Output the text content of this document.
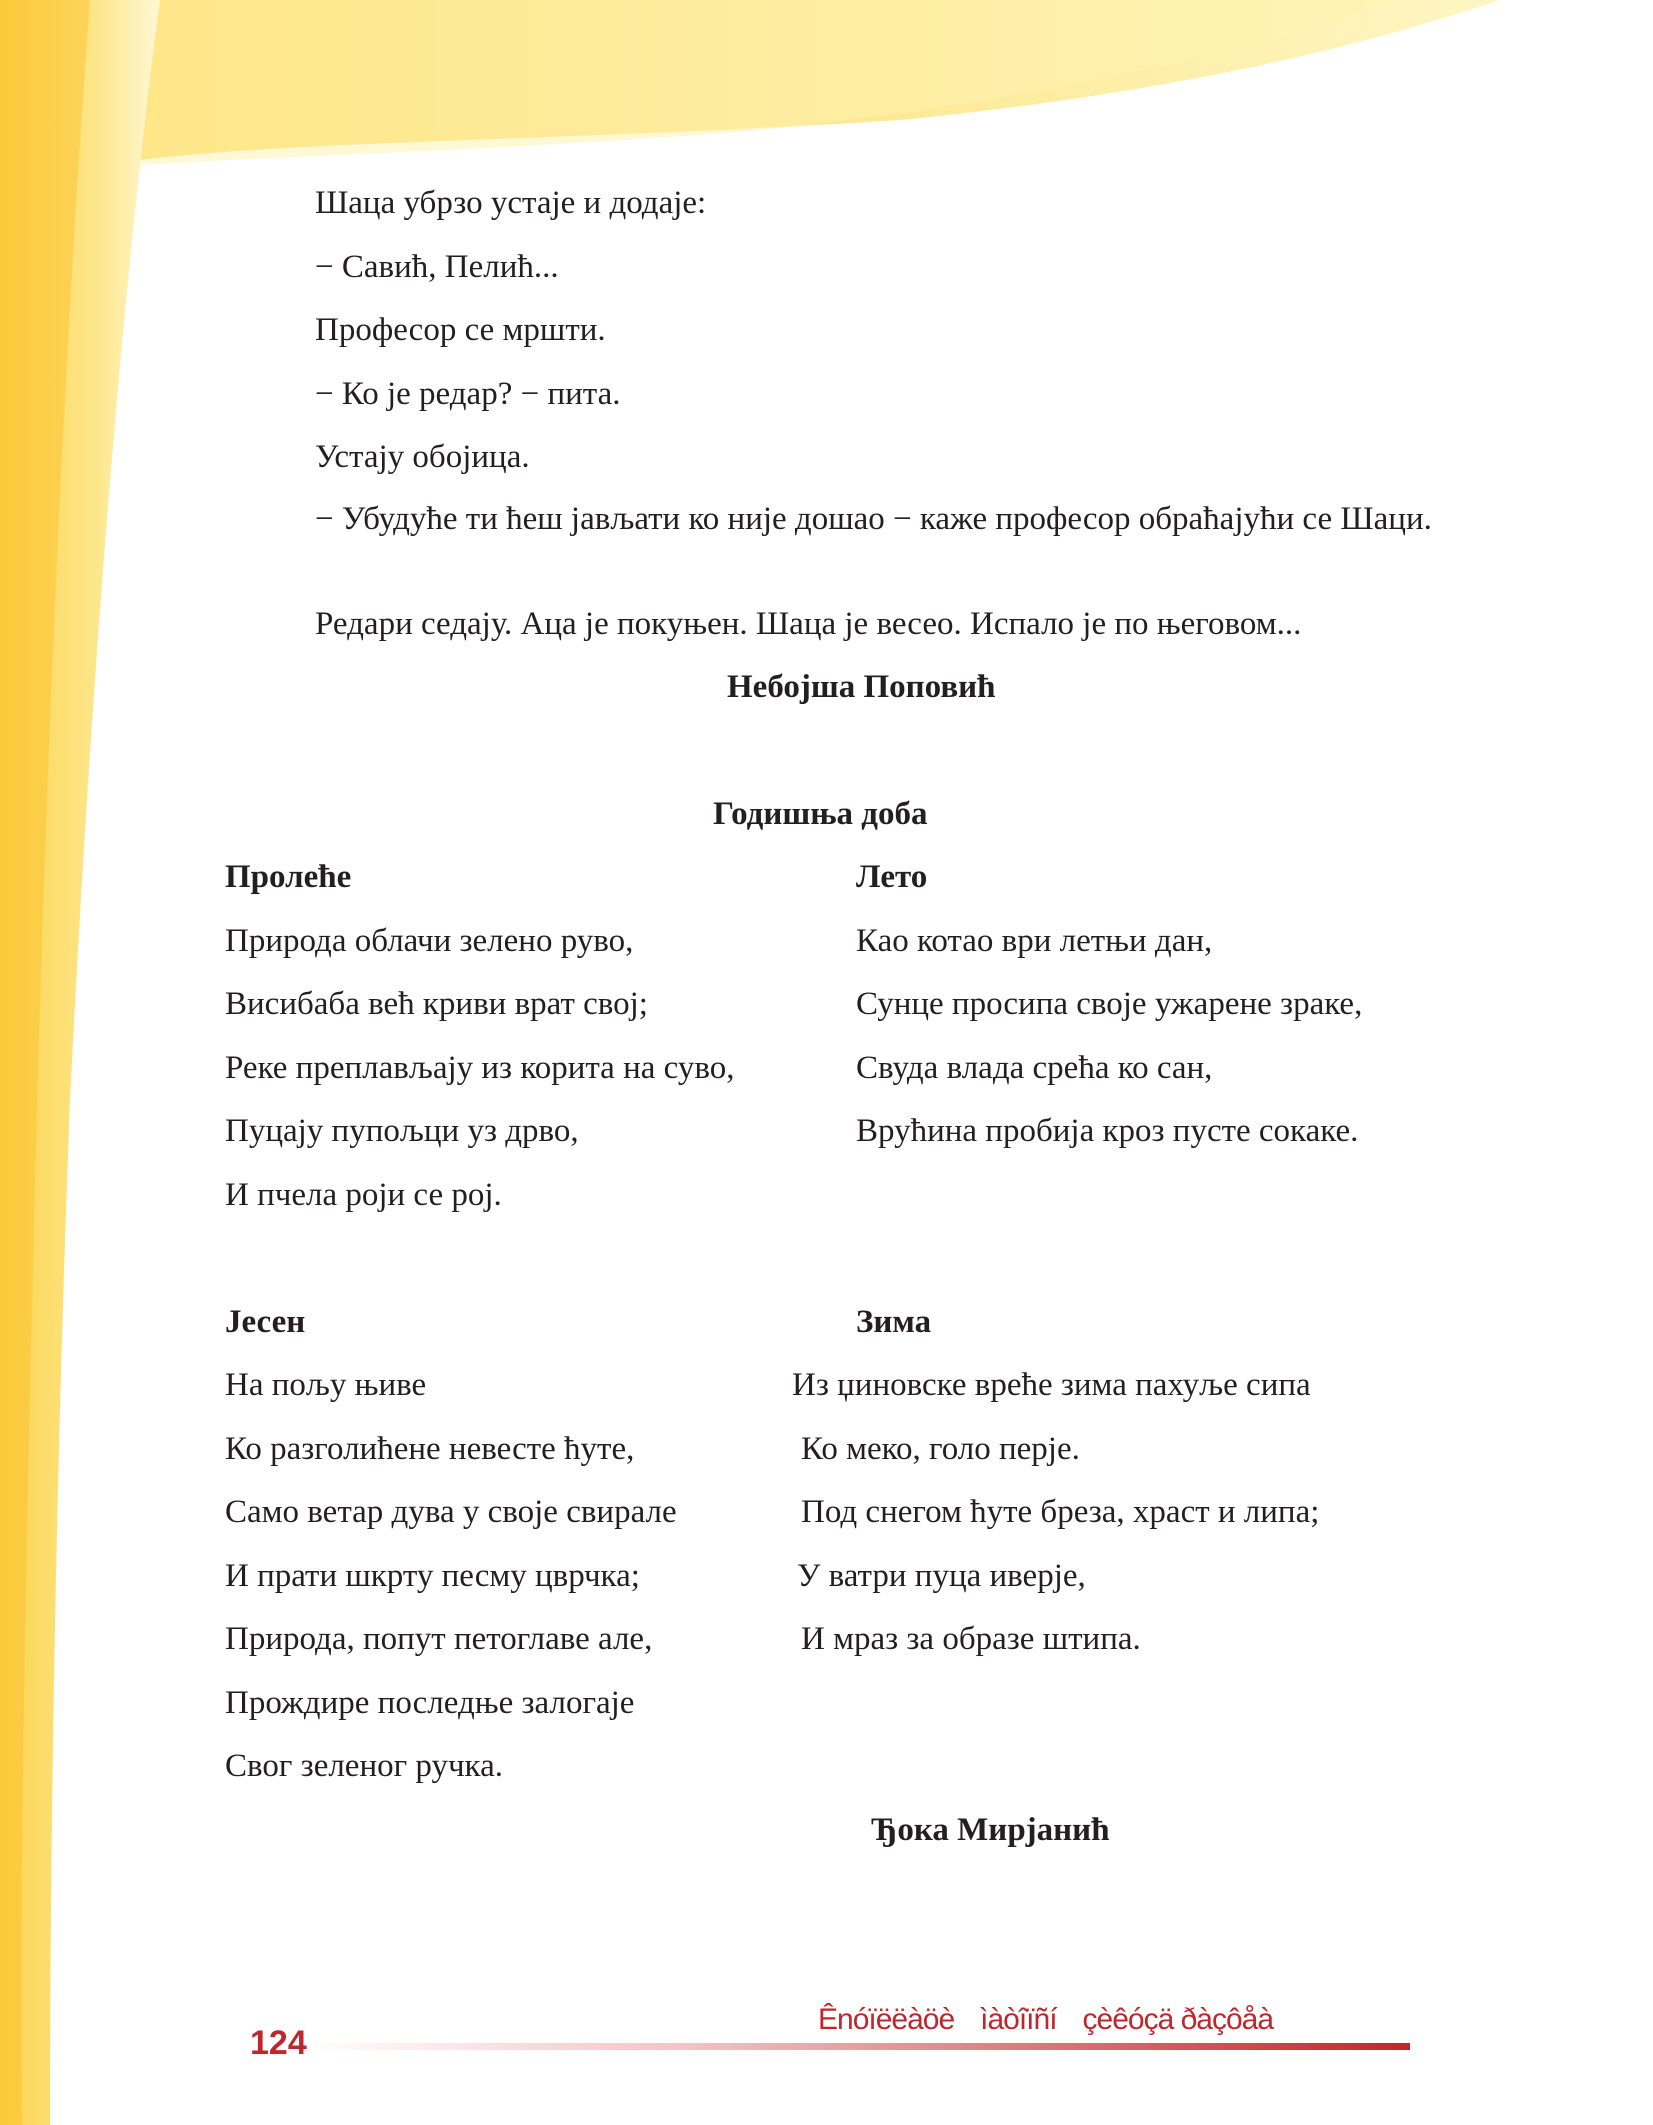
Шаца убрзо устаје и додаје:
− Савић, Пелић...
Професор се мршти.
− Ко је редар? − пита.
Устају обојица.
− Убудуће ти ћеш јављати ко није дошао − каже професор обраћајући се Шаци.
Редари седају. Аца је покуњен. Шаца је весео. Испало је по његовом...
Небојша Поповић
Годишња доба
Пролеће
Природа облачи зелено руво,
Висибаба већ криви врат свој;
Реке преплављају из корита на суво,
Пуцају пупољци уз дрво,
И пчела роји се рој.
Лето
Као котао ври летњи дан,
Сунце просипа своје ужарене зраке,
Свуда влада срећа ко сан,
Врућина пробија кроз пусте сокаке.
Јесен
На пољу њиве
Ко разголићене невесте ћуте,
Само ветар дува у своје свирале
И прати шкрту песму цврчка;
Природа, попут петоглаве але,
Прождире последње залогаје
Свог зеленог ручка.
Зима
Из џиновске вреће зима пахуље сипа
Ко меко, голо перје.
Под снегом ћуте бреза, храст и липа;
У ватри пуца иверје,
И мраз за образе штипа.
Ђока Мирјанић
124
Ênóïëëàöè ìàòîïñí çèêóçä ðàçôåà
